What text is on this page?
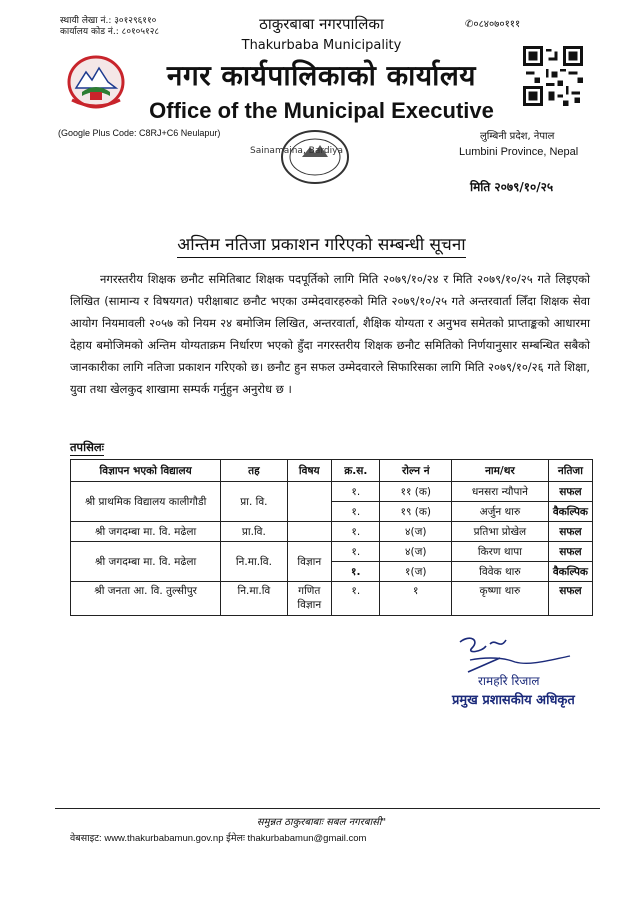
स्थायी लेखा नं.: ३०१२९६११०
कार्यालय कोड नं.: ८०१०५१२८	ठाकुरबाबा नगरपालिका
Thakurbaba Municipality
✆०८४०७०१११
नगर कार्यपालिकाको कार्यालय
Office of the Municipal Executive
(Google Plus Code: C8RJ+C6 Neulapur)
Sainamaina, Bardiya
लुम्बिनी प्रदेश, नेपाल
Lumbini Province, Nepal
मिति २०७९/१०/२५
अन्तिम नतिजा प्रकाशन गरिएको सम्बन्धी सूचना

नगरस्तरीय शिक्षक छनौट समितिबाट शिक्षक पदपूर्तिको लागि मिति २०७९/१०/२४ र मिति २०७९/१०/२५ गते लिइएको लिखित (सामान्य र विषयगत) परीक्षाबाट छनौट भएका उम्मेदवारहरुको मिति २०७९/१०/२५ गते अन्तरवार्ता लिँदा शिक्षक सेवा आयोग नियमावली २०५७ को नियम २४ बमोजिम लिखित, अन्तरवार्ता, शैक्षिक योग्यता र अनुभव समेतको प्राप्ताङ्कको आधारमा देहाय बमोजिमको अन्तिम योग्यताक्रम निर्धारण भएको हुँदा नगरस्तरीय शिक्षक छनौट समितिको निर्णयानुसार सम्बन्धित सबैको जानकारीका लागि नतिजा प्रकाशन गरिएको छ। छनौट हुन सफल उम्मेदवारले सिफारिसका लागि मिति २०७९/१०/२६ गते शिक्षा, युवा तथा खेलकुद शाखामा सम्पर्क गर्नुहुन अनुरोध छ ।

तपसिलः
विज्ञापन भएको विद्यालय	तह	विषय	क्र.स.	रोल्न नं	नाम/थर	नतिजा
श्री प्राथमिक विद्यालय कालीगौडी	प्रा. वि.		१.	११ (क)	धनसरा न्यौपाने	सफल
			१.	१९ (क)	अर्जुन थारु	वैकल्पिक
श्री जगदम्बा मा. वि. मढेला	प्रा.वि.		१.	४(ज)	प्रतिभा प्रोखेल	सफल
श्री जगदम्बा मा. वि. मढेला	नि.मा.वि.	विज्ञान	१.	४(ज)	किरण थापा	सफल
			१.	१(ज)	विवेक थारु	वैकल्पिक
श्री जनता आ. वि. तुल्सीपुर	नि.मा.वि	गणित विज्ञान	१.	१	कृष्णा थारु	सफल
रामहरि रिजाल
प्रमुख प्रशासकीय अधिकृत
समुन्नत ठाकुरबाबाः सबल नगरबासी"
वेबसाइट: www.thakurbabamun.gov.np ईमेलः thakurbabamun@gmail.com
